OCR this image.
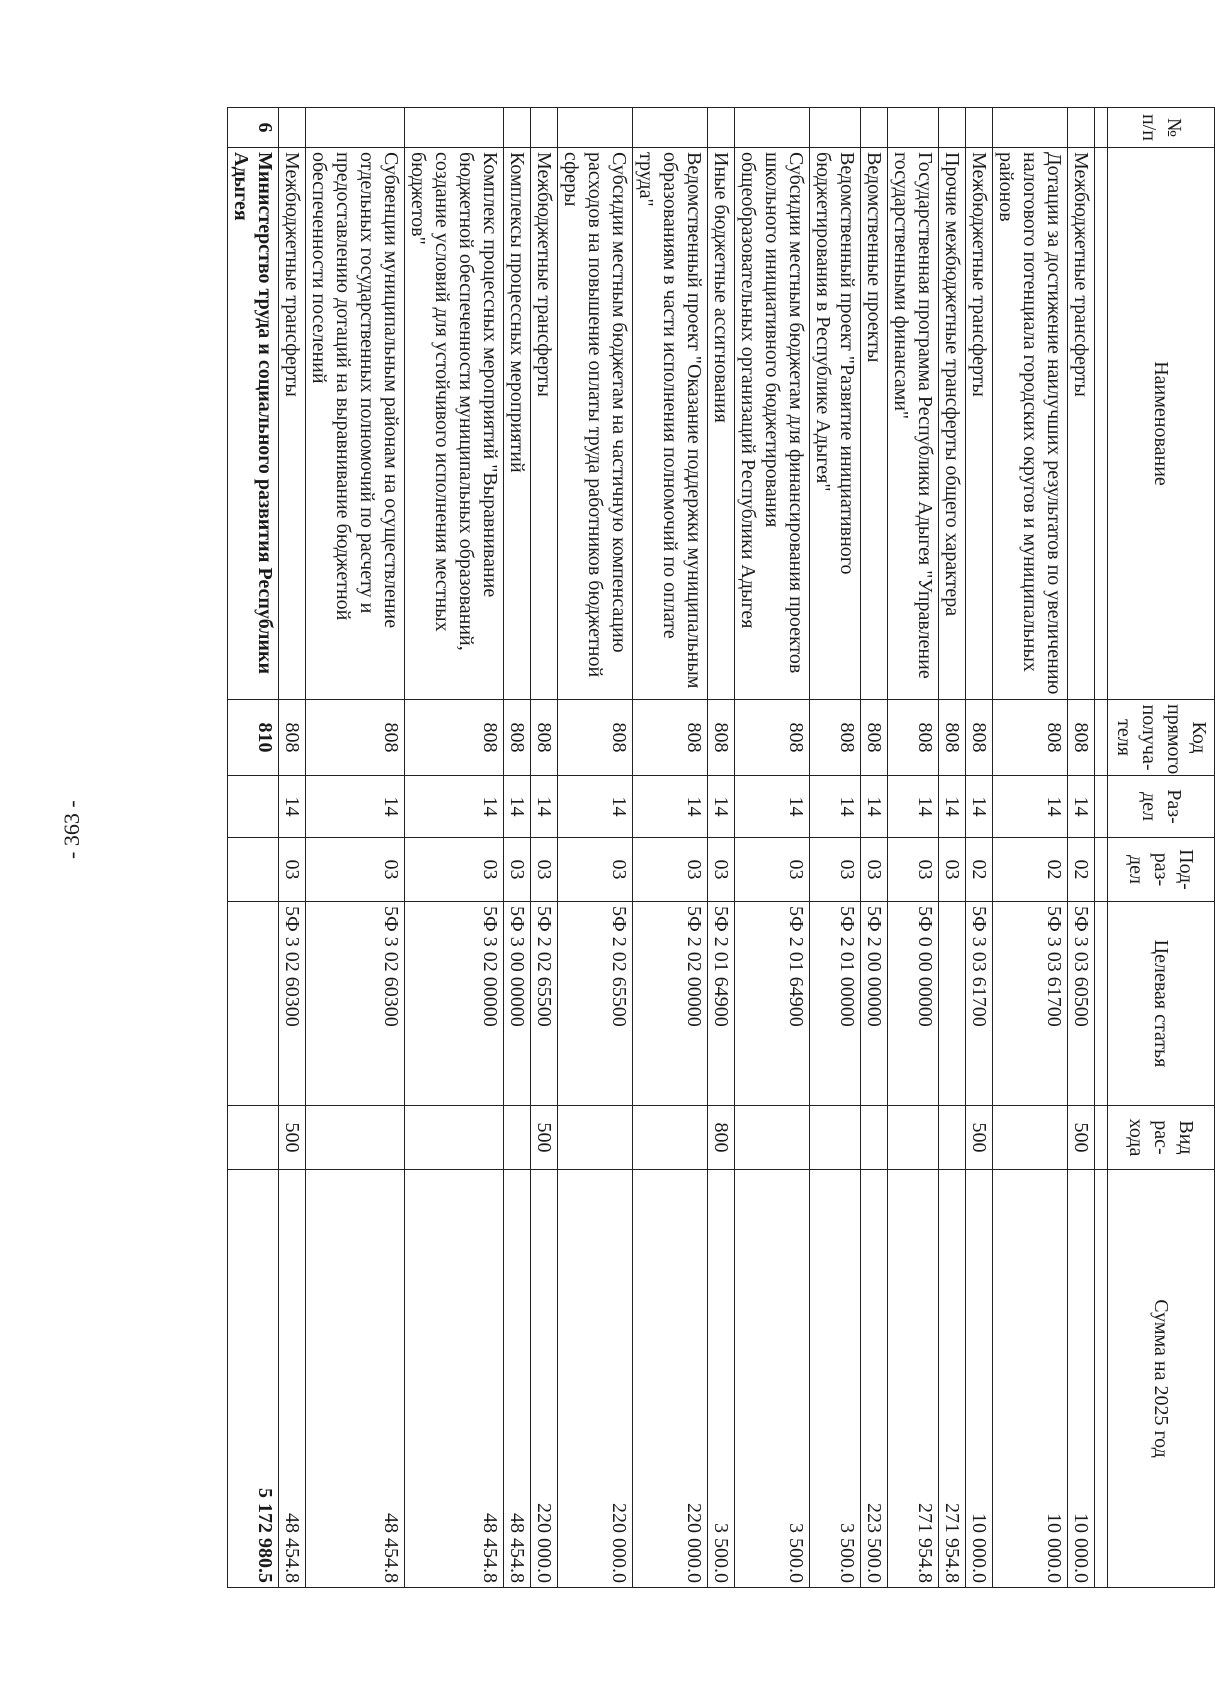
- 363 -
№ п/п	Наименование	Код прямого получа-теля	Раз-дел	Под-раз-дел	Целевая статья	Вид рас-хода	Сумма на 2025 год

	Межбюджетные трансферты	808	14	02	5Ф 3 03 60500	500	10 000.0
	Дотации за достижение наилучших результатов по увеличению налогового потенциала городских округов и муниципальных районов	808	14	02	5Ф 3 03 61700		10 000.0
	Межбюджетные трансферты	808	14	02	5Ф 3 03 61700	500	10 000.0
	Прочие межбюджетные трансферты общего характера	808	14	03			271 954.8
	Государственная программа Республики Адыгея "Управление государственными финансами"	808	14	03	5Ф 0 00 00000		271 954.8
	Ведомственные проекты	808	14	03	5Ф 2 00 00000		223 500.0
	Ведомственный проект "Развитие инициативного бюджетирования в Республике Адыгея"	808	14	03	5Ф 2 01 00000		3 500.0
	Субсидии местным бюджетам для финансирования проектов школьного инициативного бюджетирования общеобразовательных организаций Республики Адыгея	808	14	03	5Ф 2 01 64900		3 500.0
	Иные бюджетные ассигнования	808	14	03	5Ф 2 01 64900	800	3 500.0
	Ведомственный проект "Оказание поддержки муниципальным образованиям в части исполнения полномочий по оплате труда"	808	14	03	5Ф 2 02 00000		220 000.0
	Субсидии местным бюджетам на частичную компенсацию расходов на повышение оплаты труда работников бюджетной сферы	808	14	03	5Ф 2 02 65500		220 000.0
	Межбюджетные трансферты	808	14	03	5Ф 2 02 65500	500	220 000.0
	Комплексы процессных мероприятий	808	14	03	5Ф 3 00 00000		48 454.8
	Комплекс процессных мероприятий "Выравнивание бюджетной обеспеченности муниципальных образований, создание условий для устойчивого исполнения местных бюджетов"	808	14	03	5Ф 3 02 00000		48 454.8
	Субвенции муниципальным районам на осуществление отдельных государственных полномочий по расчету и предоставлению дотаций на выравнивание бюджетной обеспеченности поселений	808	14	03	5Ф 3 02 60300		48 454.8
	Межбюджетные трансферты	808	14	03	5Ф 3 02 60300	500	48 454.8
6	Министерство труда и социального развития Республики Адыгея	810					5 172 980.5
